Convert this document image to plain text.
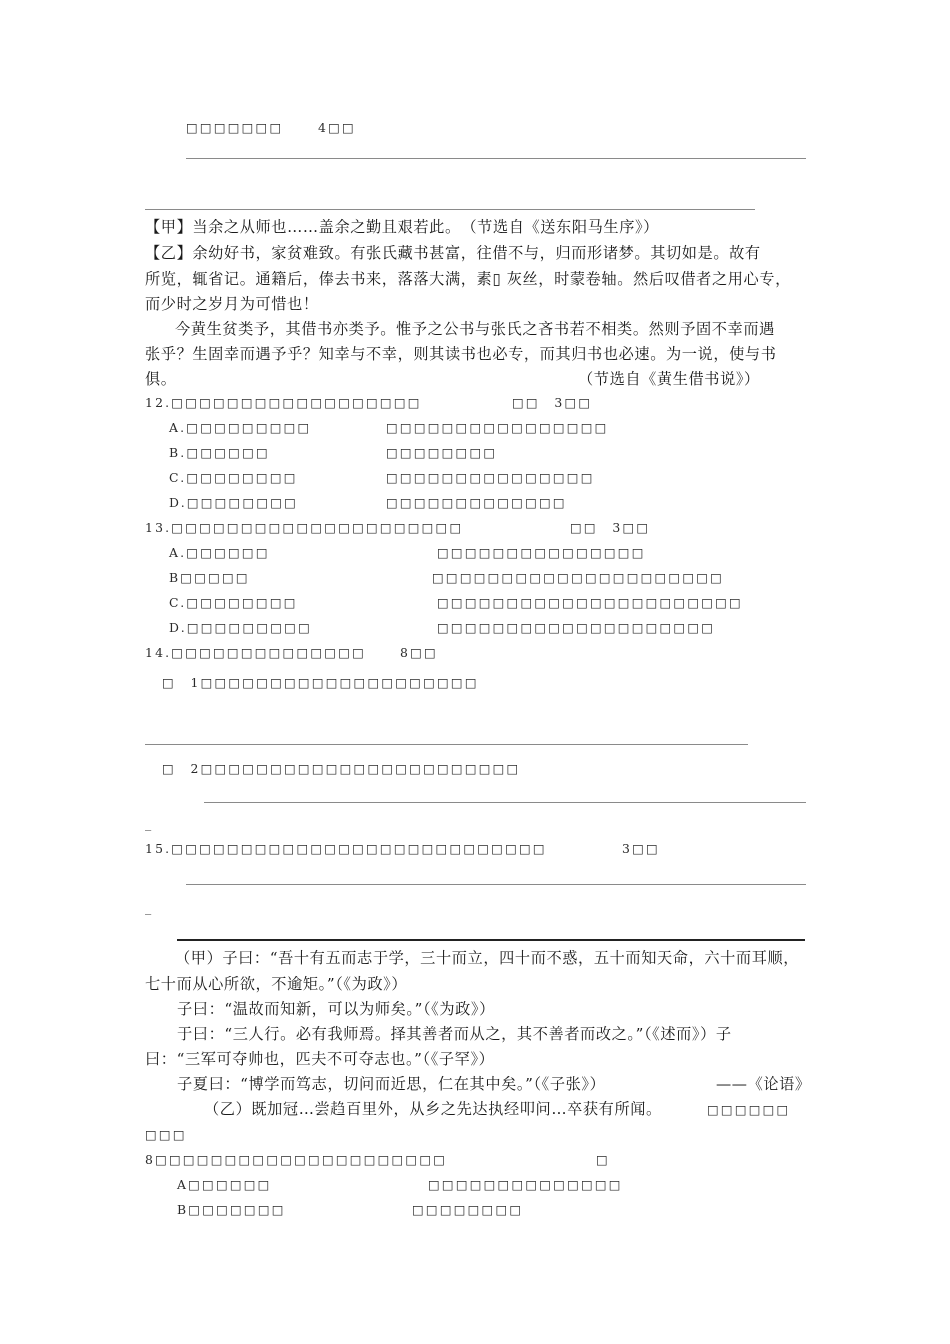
□□□□□□□	4□□
【甲】当余之从师也……盖余之勤且艰若此。　（节选自《送东阳马生序》）
【乙】余幼好书，家贫难致。有张氏藏书甚富，往借不与，归而形诸梦。其切如是。故有
所览，辄省记。通籍后，俸去书来，落落大满，素▯ 灰丝，时蒙卷轴。然后叹借者之用心专，
而少时之岁月为可惜也！
今黄生贫类予，其借书亦类予。惟予之公书与张氏之吝书若不相类。然则予固不幸而遇
张乎？生固幸而遇予乎？知幸与不幸，则其读书也必专，而其归书也必速。为一说，使与书
俱。	（节选自《黄生借书说》）
12.□□□□□□□□□□□□□□□□□□	□□　3□□
A.□□□□□□□□□	□□□□□□□□□□□□□□□□
B.□□□□□□	□□□□□□□□
C.□□□□□□□□	□□□□□□□□□□□□□□□
D.□□□□□□□□	□□□□□□□□□□□□□
13.□□□□□□□□□□□□□□□□□□□□□	□□　3□□
A.□□□□□□	□□□□□□□□□□□□□□□
B□□□□□	□□□□□□□□□□□□□□□□□□□□□
C.□□□□□□□□	□□□□□□□□□□□□□□□□□□□□□□
D.□□□□□□□□□	□□□□□□□□□□□□□□□□□□□□
14.□□□□□□□□□□□□□□	8□□
□　1□□□□□□□□□□□□□□□□□□□□
□　2□□□□□□□□□□□□□□□□□□□□□□□
_
15.□□□□□□□□□□□□□□□□□□□□□□□□□□□	3□□
_
（甲）子曰：“吾十有五而志于学，三十而立，四十而不惑，五十而知天命，六十而耳顺，
七十而从心所欲，不逾矩。”（《为政》）
子曰：“温故而知新，可以为师矣。”（《为政》）
于曰：“三人行。必有我师焉。择其善者而从之，其不善者而改之。”（《述而》）子
曰：“三军可夺帅也，匹夫不可夺志也。”（《子罕》）
子夏曰：“博学而笃志，切问而近思，仁在其中矣。”（《子张》）	——《论语》
（乙）既加冠…尝趋百里外，从乡之先达执经叩问…卒获有所闻。	□□□□□□
□□□
8□□□□□□□□□□□□□□□□□□□□□	□
A□□□□□□	□□□□□□□□□□□□□□
B□□□□□□□	□□□□□□□□
